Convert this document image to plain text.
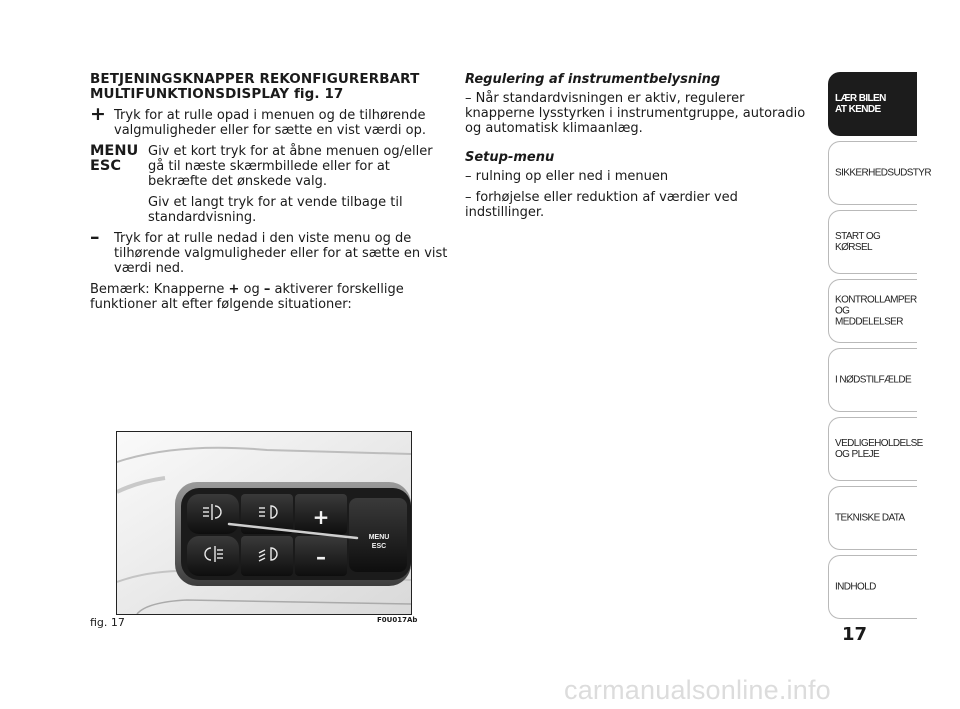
BETJENINGSKNAPPER REKONFIGURERBART MULTIFUNKTIONSDISPLAY fig. 17
+ Tryk for at rulle opad i menuen og de tilhørende valgmuligheder eller for sætte en vist værdi op.
MENU
ESC
Giv et kort tryk for at åbne menuen og/eller gå til næste skærmbillede eller for at bekræfte det ønskede valg.
Giv et langt tryk for at vende tilbage til standardvisning.
–	Tryk for at rulle nedad i den viste menu og de tilhørende valgmuligheder eller for at sætte en vist værdi ned.
Bemærk: Knapperne + og – aktiverer forskellige funktioner alt efter følgende situationer:
Regulering af instrumentbelysning
– Når standardvisningen er aktiv, regulerer knapperne lysstyrken i instrumentgruppe, autoradio og automatisk klimaanlæg.
Setup-menu
– rulning op eller ned i menuen
– forhøjelse eller reduktion af værdier ved indstillinger.
+
–
MENU
ESC
fig. 17	F0U017Ab
LÆR BILEN
AT KENDE
SIKKERHEDSUDSTYR
START OG KØRSEL
KONTROLLAMPER
OG MEDDELELSER
I NØDSTILFÆLDE
VEDLIGEHOLDELSE
OG PLEJE
TEKNISKE DATA
INDHOLD
17
carmanualsonline.info
